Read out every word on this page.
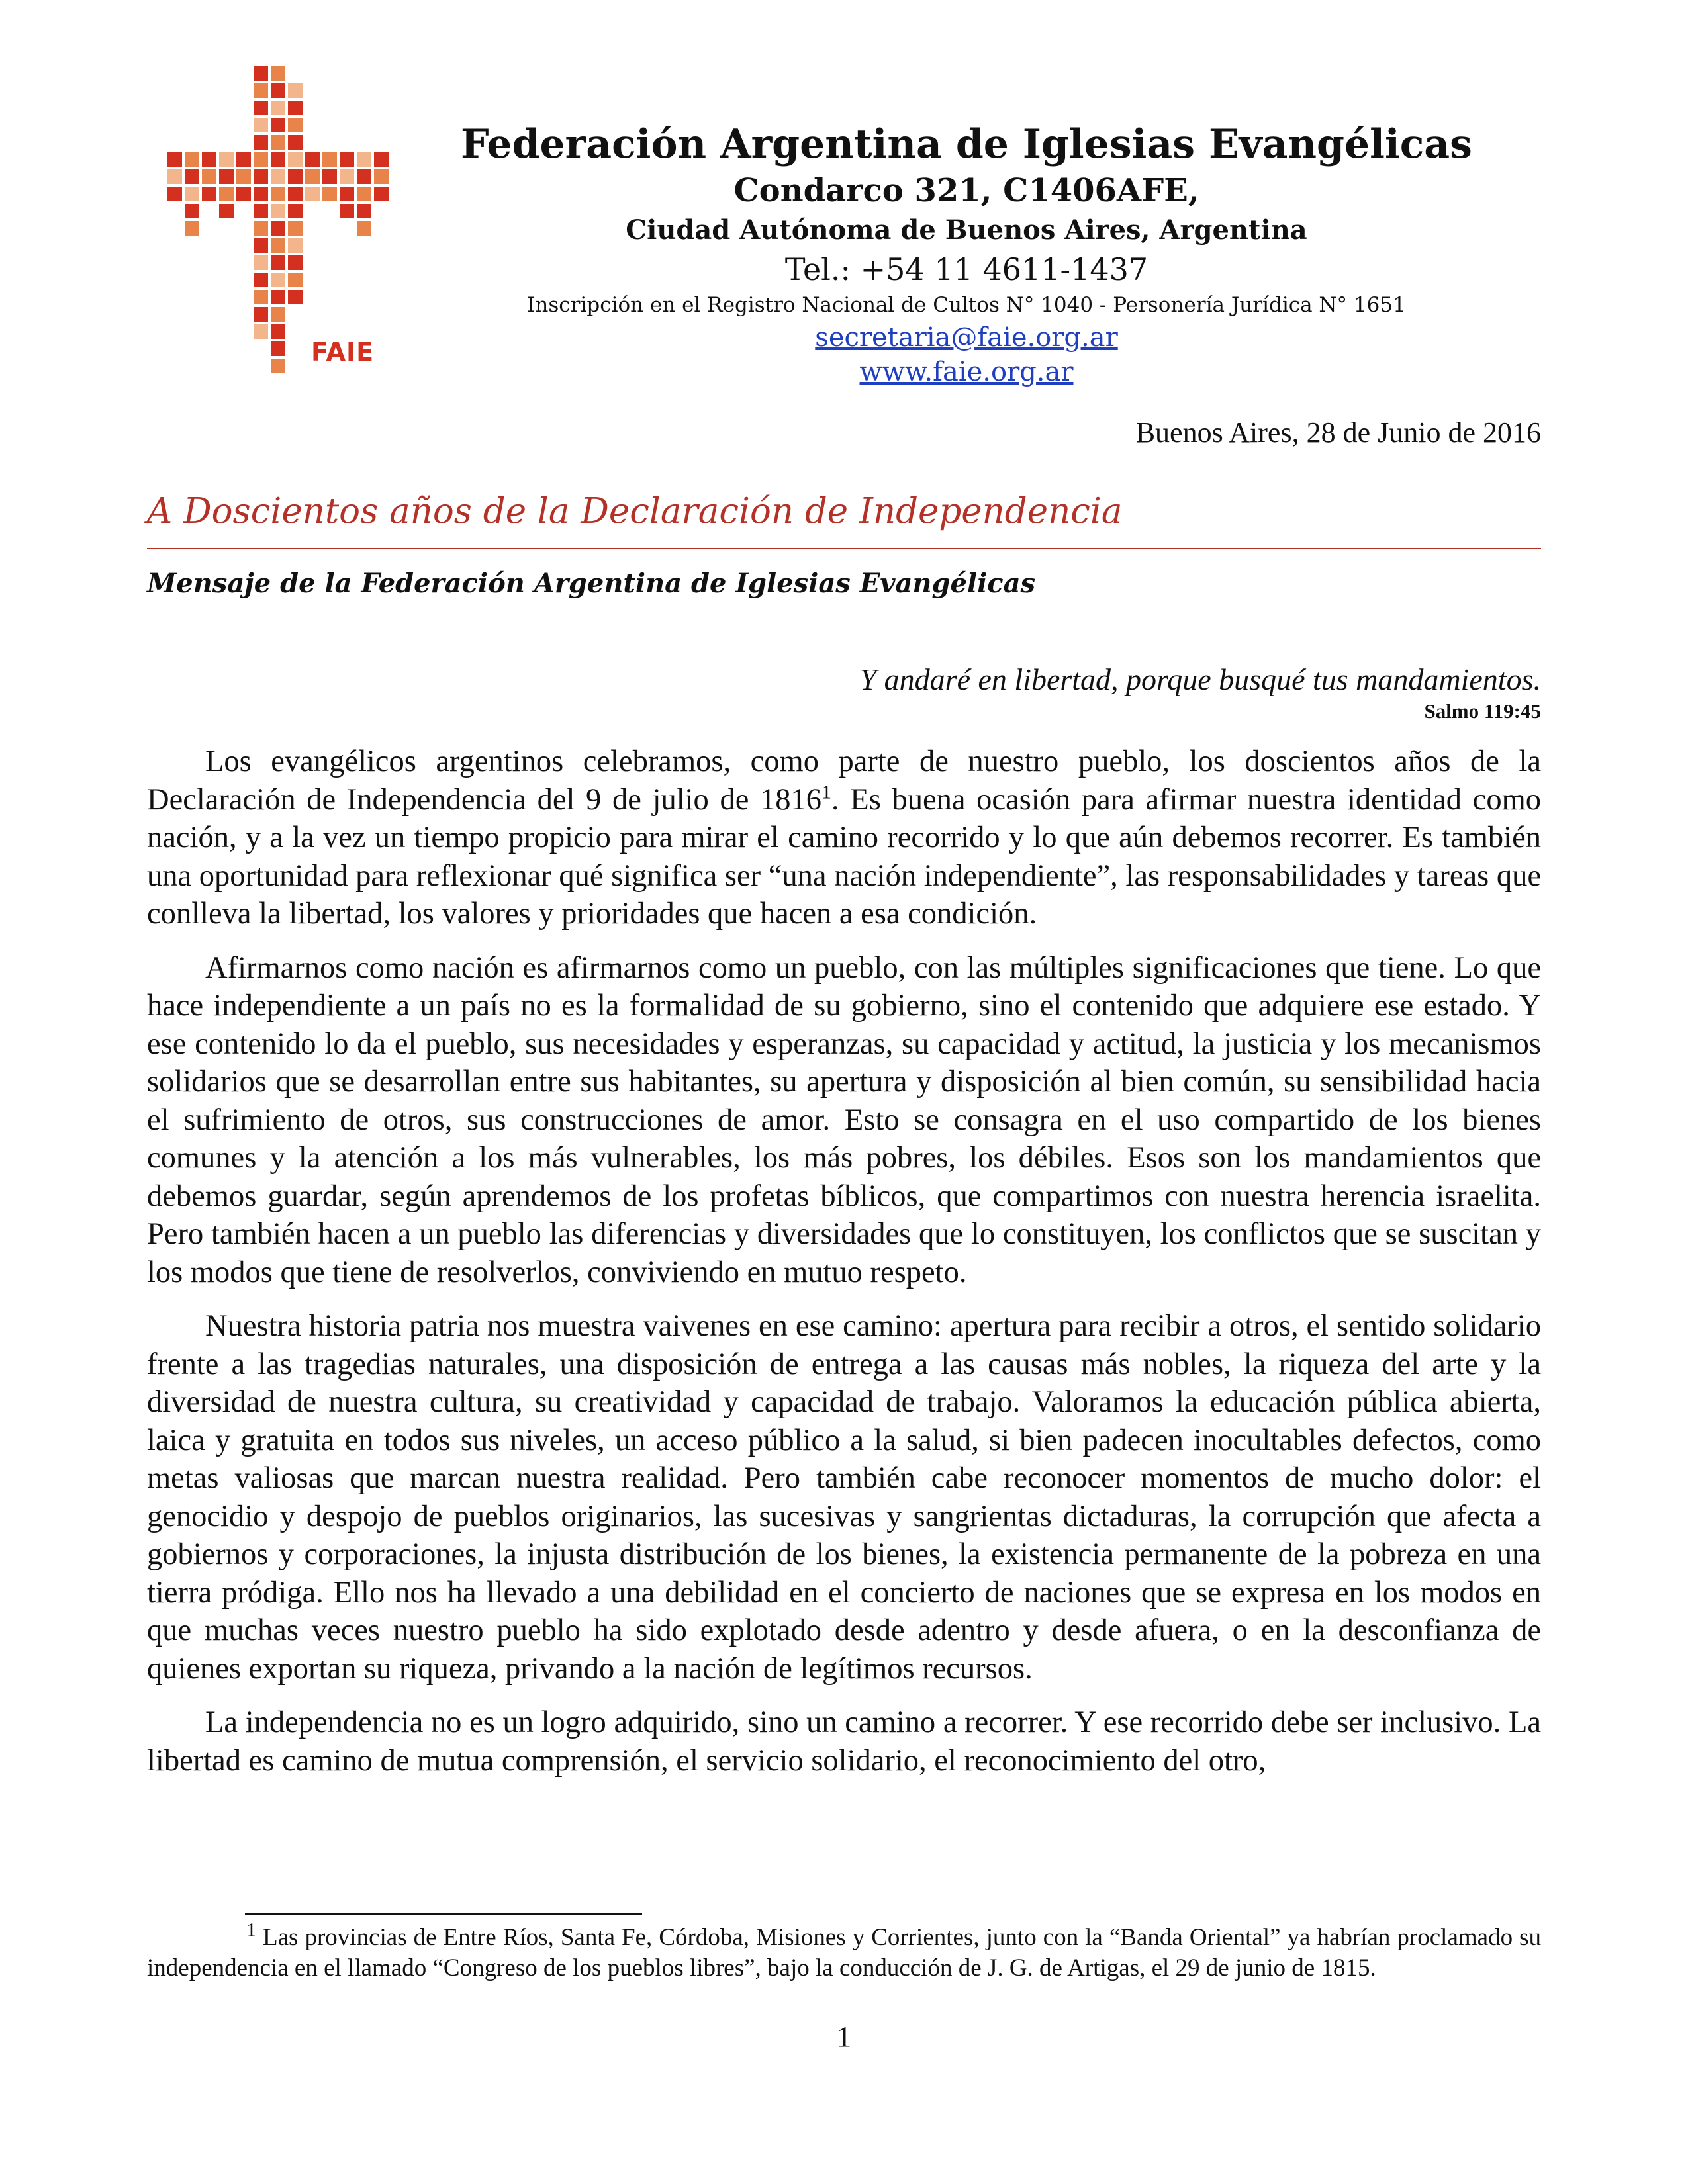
FAIE
Federación Argentina de Iglesias Evangélicas
Condarco 321, C1406AFE,
Ciudad Autónoma de Buenos Aires, Argentina
Tel.: +54 11 4611-1437
Inscripción en el Registro Nacional de Cultos N° 1040 - Personería Jurídica N° 1651
secretaria@faie.org.ar
www.faie.org.ar
Buenos Aires, 28 de Junio de 2016
A Doscientos años de la Declaración de Independencia
Mensaje de la Federación Argentina de Iglesias Evangélicas
Y andaré en libertad, porque busqué tus mandamientos.
Salmo 119:45

Los evangélicos argentinos celebramos, como parte de nuestro pueblo, los doscientos años de la Declaración de Independencia del 9 de julio de 1816$^1$. Es buena ocasión para afirmar nuestra identidad como nación, y a la vez un tiempo propicio para mirar el camino recorrido y lo que aún debemos recorrer. Es también una oportunidad para reflexionar qué significa ser “una nación independiente”, las responsabilidades y tareas que conlleva la libertad, los valores y prioridades que hacen a esa condición.

Afirmarnos como nación es afirmarnos como un pueblo, con las múltiples significaciones que tiene. Lo que hace independiente a un país no es la formalidad de su gobierno, sino el contenido que adquiere ese estado. Y ese contenido lo da el pueblo, sus necesidades y esperanzas, su capacidad y actitud, la justicia y los mecanismos solidarios que se desarrollan entre sus habitantes, su apertura y disposición al bien común, su sensibilidad hacia el sufrimiento de otros, sus construcciones de amor. Esto se consagra en el uso compartido de los bienes comunes y la atención a los más vulnerables, los más pobres, los débiles. Esos son los mandamientos que debemos guardar, según aprendemos de los profetas bíblicos, que compartimos con nuestra herencia israelita. Pero también hacen a un pueblo las diferencias y diversidades que lo constituyen, los conflictos que se suscitan y los modos que tiene de resolverlos, conviviendo en mutuo respeto.

Nuestra historia patria nos muestra vaivenes en ese camino: apertura para recibir a otros, el sentido solidario frente a las tragedias naturales, una disposición de entrega a las causas más nobles, la riqueza del arte y la diversidad de nuestra cultura, su creatividad y capacidad de trabajo. Valoramos la educación pública abierta, laica y gratuita en todos sus niveles, un acceso público a la salud, si bien padecen inocultables defectos, como metas valiosas que marcan nuestra realidad. Pero también cabe reconocer momentos de mucho dolor: el genocidio y despojo de pueblos originarios, las sucesivas y sangrientas dictaduras, la corrupción que afecta a gobiernos y corporaciones, la injusta distribución de los bienes, la existencia permanente de la pobreza en una tierra pródiga. Ello nos ha llevado a una debilidad en el concierto de naciones que se expresa en los modos en que muchas veces nuestro pueblo ha sido explotado desde adentro y desde afuera, o en la desconfianza de quienes exportan su riqueza, privando a la nación de legítimos recursos.

La independencia no es un logro adquirido, sino un camino a recorrer. Y ese recorrido debe ser inclusivo. La libertad es camino de mutua comprensión, el servicio solidario, el reconocimiento del otro,

$^1$ Las provincias de Entre Ríos, Santa Fe, Córdoba, Misiones y Corrientes, junto con la “Banda Oriental” ya habrían proclamado su independencia en el llamado “Congreso de los pueblos libres”, bajo la conducción de J. G. de Artigas, el 29 de junio de 1815.
1
